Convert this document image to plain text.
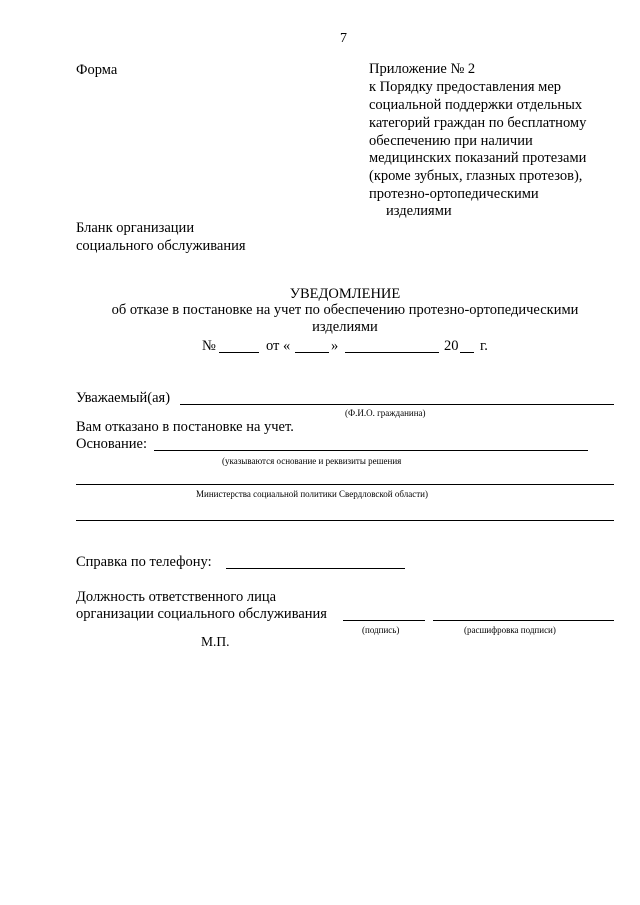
7
Форма	Приложение № 2
к Порядку предоставления мер
социальной поддержки отдельных
категорий граждан по бесплатному
обеспечению при наличии
медицинских показаний протезами
(кроме зубных, глазных протезов),
протезно-ортопедическими
изделиями
Бланк организации
социального обслуживания
УВЕДОМЛЕНИЕ
об отказе в постановке на учет по обеспечению протезно-ортопедическими
изделиями
№	от «	»	20 г.
Уважаемый(ая)
(Ф.И.О. гражданина)
Вам отказано в постановке на учет.
Основание:
(указываются основание и реквизиты решения
Министерства социальной политики Свердловской области)
Справка по телефону:
Должность ответственного лица
организации социального обслуживания
(подпись)	(расшифровка подписи)
М.П.
